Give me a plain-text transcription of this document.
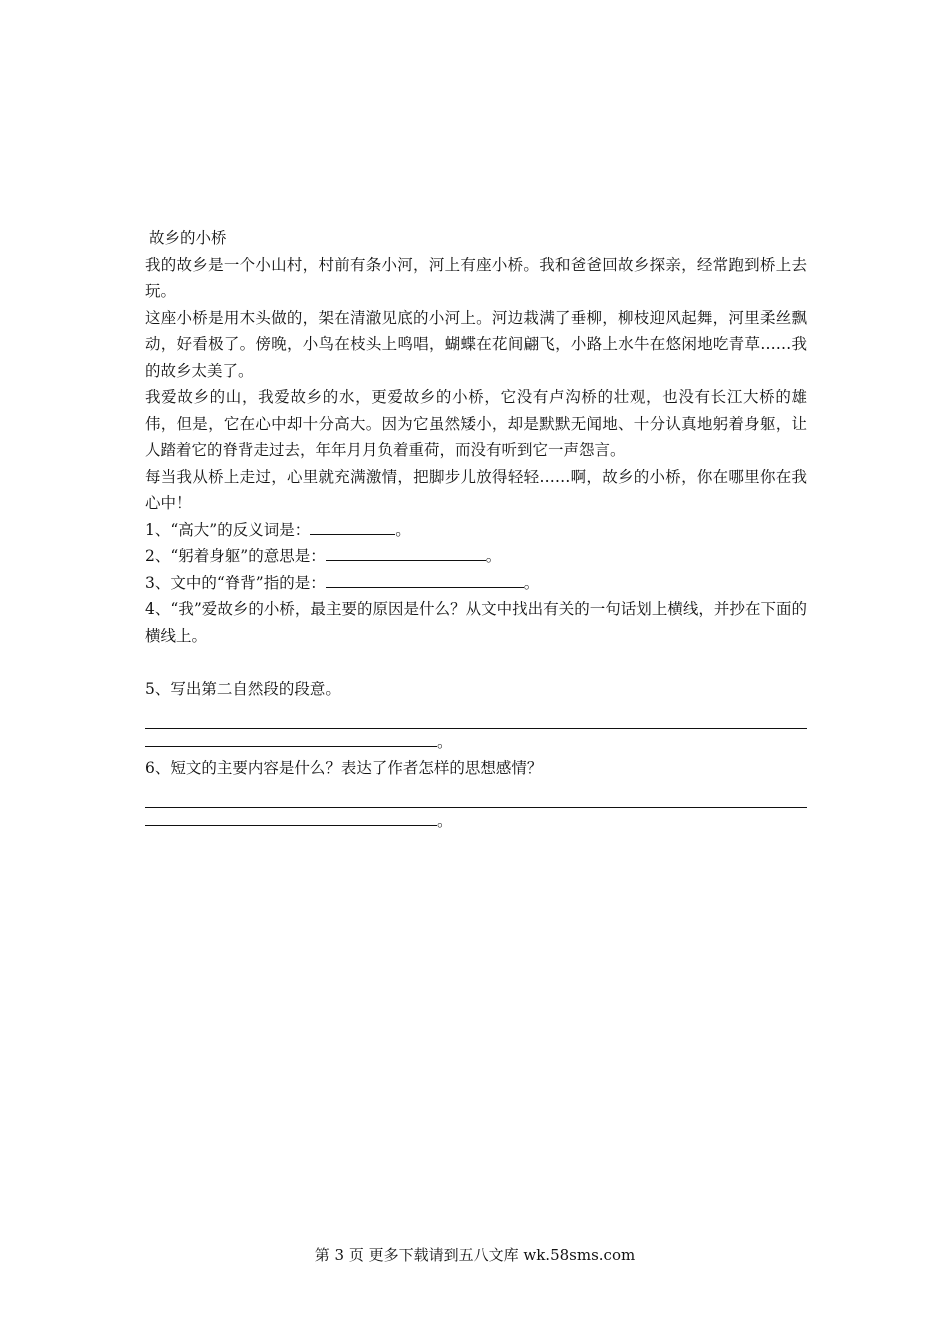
故乡的小桥
我的故乡是一个小山村，村前有条小河，河上有座小桥。我和爸爸回故乡探亲，经常跑到桥上去玩。
这座小桥是用木头做的，架在清澈见底的小河上。河边栽满了垂柳，柳枝迎风起舞，河里柔丝飘动，好看极了。傍晚，小鸟在枝头上鸣唱，蝴蝶在花间翩飞，小路上水牛在悠闲地吃青草……我的故乡太美了。
我爱故乡的山，我爱故乡的水，更爱故乡的小桥，它没有卢沟桥的壮观，也没有长江大桥的雄伟，但是，它在心中却十分高大。因为它虽然矮小，却是默默无闻地、十分认真地躬着身躯，让人踏着它的脊背走过去，年年月月负着重荷，而没有听到它一声怨言。
每当我从桥上走过，心里就充满激情，把脚步儿放得轻轻……啊，故乡的小桥，你在哪里你在我心中！
1、“高大”的反义词是：	。
2、“躬着身躯”的意思是：	。
3、文中的“脊背”指的是：	。
4、“我”爱故乡的小桥，最主要的原因是什么？从文中找出有关的一句话划上横线，并抄在下面的横线上。
5、写出第二自然段的段意。
。
6、短文的主要内容是什么？表达了作者怎样的思想感情？
。
第 3 页 更多下载请到五八文库 wk.58sms.com
